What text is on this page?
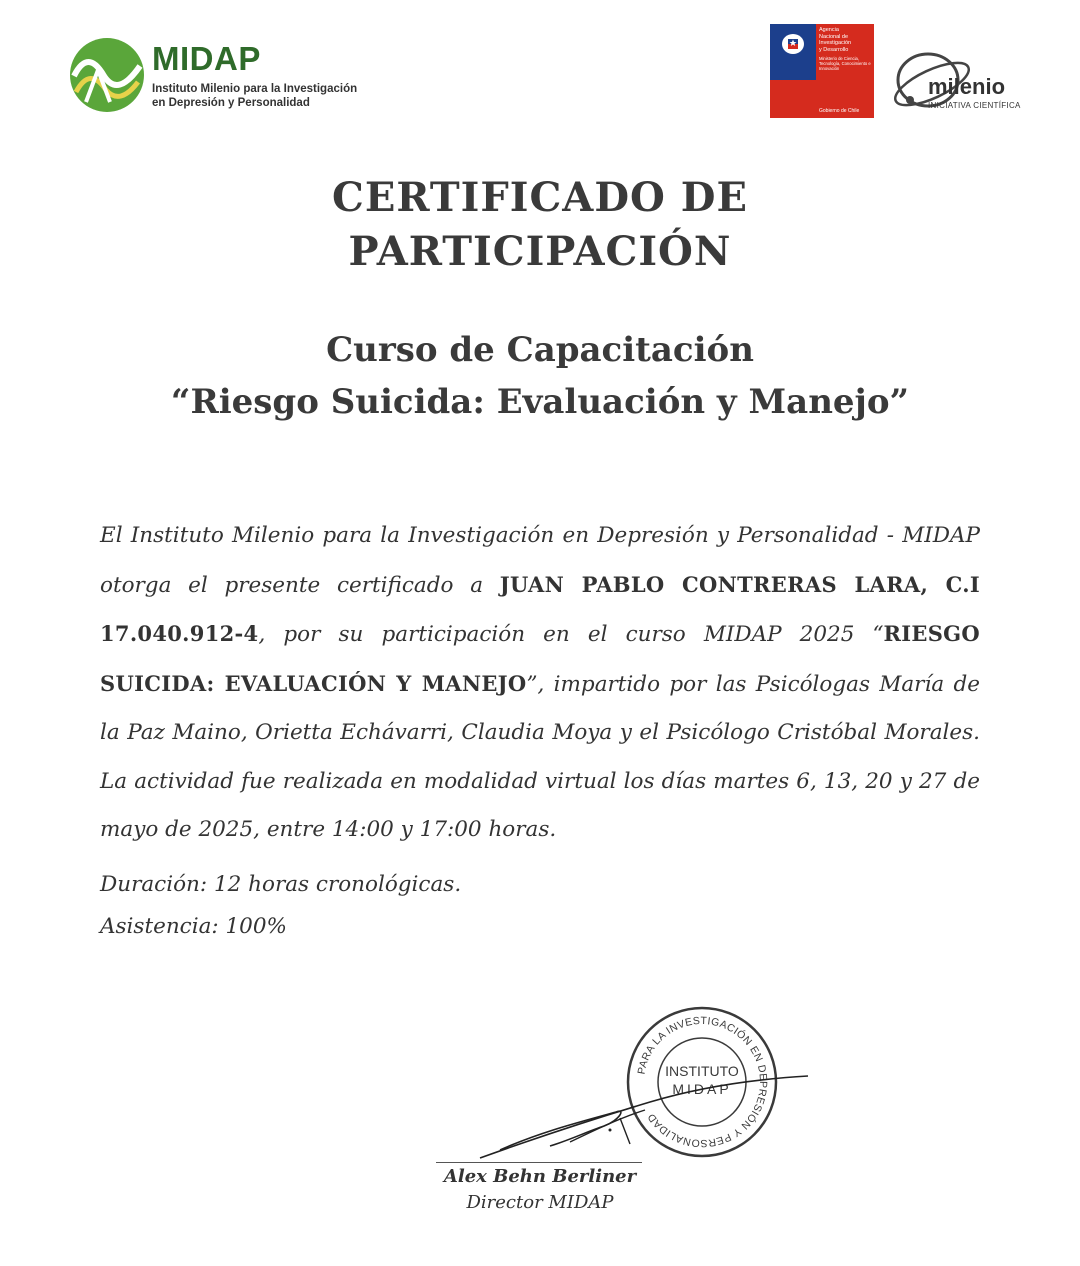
MIDAP
Instituto Milenio para la Investigación
en Depresión y Personalidad
Agencia
Nacional de
Investigación
y Desarrollo
Ministerio de Ciencia, Tecnología, Conocimiento e Innovación
Gobierno de Chile
milenio
INICIATIVA CIENTÍFICA
CERTIFICADO DE
PARTICIPACIÓN
Curso de Capacitación
“Riesgo Suicida: Evaluación y Manejo”
El Instituto Milenio para la Investigación en Depresión y Personalidad - MIDAP otorga el presente certificado a JUAN PABLO CONTRERAS LARA, C.I 17.040.912-4, por su participación en el curso MIDAP 2025 “RIESGO SUICIDA: EVALUACIÓN Y MANEJO”, impartido por las Psicólogas María de la Paz Maino, Orietta Echávarri, Claudia Moya y el Psicólogo Cristóbal Morales. La actividad fue realizada en modalidad virtual los días martes 6, 13, 20 y 27 de mayo de 2025, entre 14:00 y 17:00 horas.
Duración: 12 horas cronológicas.
Asistencia: 100%
PARA LA INVESTIGACIÓN EN DEPRESIÓN Y PERSONALIDAD
INSTITUTO
MIDAP
Alex Behn Berliner
Director MIDAP
